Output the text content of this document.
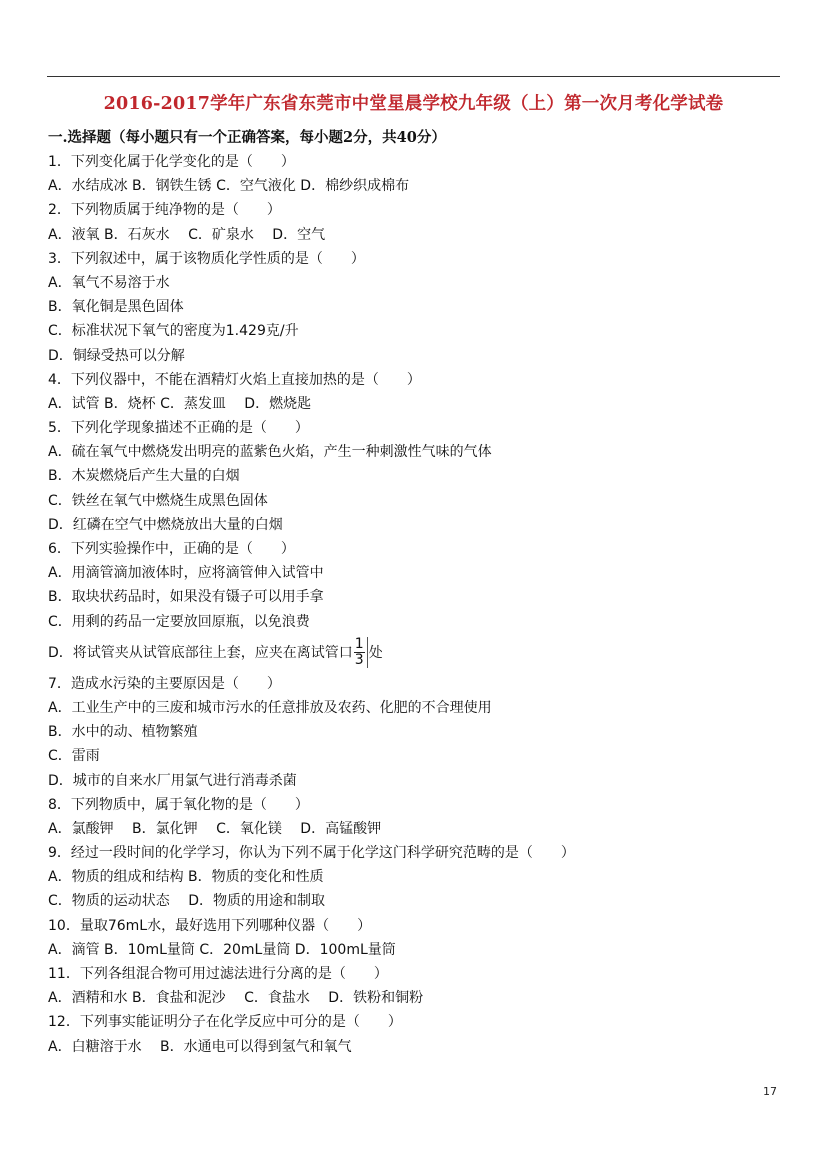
2016-2017学年广东省东莞市中堂星晨学校九年级（上）第一次月考化学试卷
一.选择题（每小题只有一个正确答案，每小题2分，共40分）
1．下列变化属于化学变化的是（　　）
A．水结成冰 B．钢铁生锈 C．空气液化 D．棉纱织成棉布
2．下列物质属于纯净物的是（　　）
A．液氧 B．石灰水　 C．矿泉水　 D．空气
3．下列叙述中，属于该物质化学性质的是（　　）
A．氧气不易溶于水
B．氧化铜是黑色固体
C．标准状况下氧气的密度为1.429克/升
D．铜绿受热可以分解
4．下列仪器中，不能在酒精灯火焰上直接加热的是（　　）
A．试管 B．烧杯 C．蒸发皿　 D．燃烧匙
5．下列化学现象描述不正确的是（　　）
A．硫在氧气中燃烧发出明亮的蓝紫色火焰，产生一种刺激性气味的气体
B．木炭燃烧后产生大量的白烟
C．铁丝在氧气中燃烧生成黑色固体
D．红磷在空气中燃烧放出大量的白烟
6．下列实验操作中，正确的是（　　）
A．用滴管滴加液体时，应将滴管伸入试管中
B．取块状药品时，如果没有镊子可以用手拿
C．用剩的药品一定要放回原瓶，以免浪费
D．将试管夹从试管底部往上套，应夹在离试管口 $\frac{1}{3}$ 处
7．造成水污染的主要原因是（　　）
A．工业生产中的三废和城市污水的任意排放及农药、化肥的不合理使用
B．水中的动、植物繁殖
C．雷雨
D．城市的自来水厂用氯气进行消毒杀菌
8．下列物质中，属于氧化物的是（　　）
A．氯酸钾　 B．氯化钾　 C．氧化镁　 D．高锰酸钾
9．经过一段时间的化学学习，你认为下列不属于化学这门科学研究范畴的是（　　）
A．物质的组成和结构 B．物质的变化和性质
C．物质的运动状态　 D．物质的用途和制取
10．量取76mL水，最好选用下列哪种仪器（　　）
A．滴管 B．10mL量筒 C．20mL量筒 D．100mL量筒
11．下列各组混合物可用过滤法进行分离的是（　　）
A．酒精和水 B．食盐和泥沙　 C．食盐水　 D．铁粉和铜粉
12．下列事实能证明分子在化学反应中可分的是（　　）
A．白糖溶于水　 B．水通电可以得到氢气和氧气
17
